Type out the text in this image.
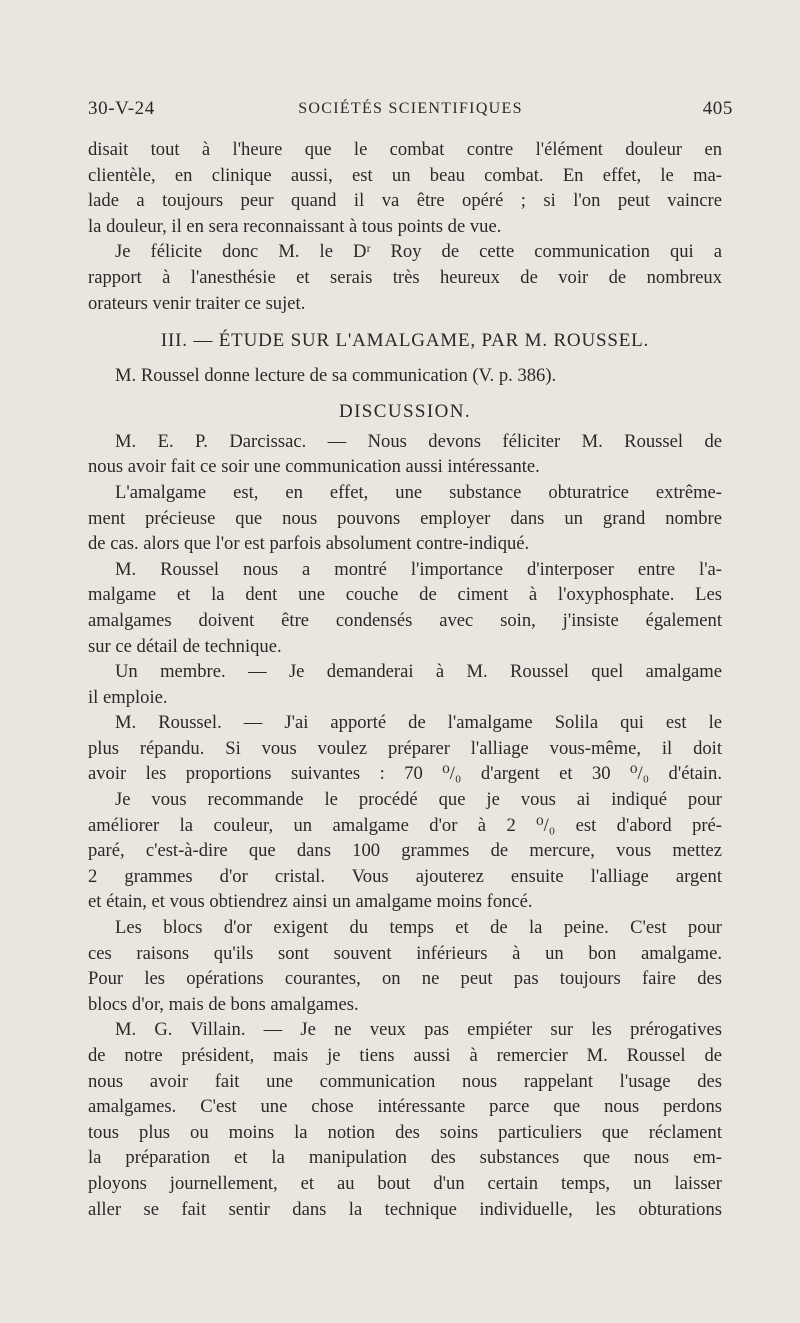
30-V-24	SOCIÉTÉS SCIENTIFIQUES	405
disait tout à l'heure que le combat contre l'élément douleur en
clientèle, en clinique aussi, est un beau combat. En effet, le ma-
lade a toujours peur quand il va être opéré ; si l'on peut vaincre
la douleur, il en sera reconnaissant à tous points de vue.
Je félicite donc M. le Dʳ Roy de cette communication qui a
rapport à l'anesthésie et serais très heureux de voir de nombreux
orateurs venir traiter ce sujet.
III. — ÉTUDE SUR L'AMALGAME, PAR M. ROUSSEL.
M. Roussel donne lecture de sa communication (V. p. 386).
DISCUSSION.
M. E. P. Darcissac. — Nous devons féliciter M. Roussel de
nous avoir fait ce soir une communication aussi intéressante.
L'amalgame est, en effet, une substance obturatrice extrême-
ment précieuse que nous pouvons employer dans un grand nombre
de cas. alors que l'or est parfois absolument contre-indiqué.
M. Roussel nous a montré l'importance d'interposer entre l'a-
malgame et la dent une couche de ciment à l'oxyphosphate. Les
amalgames doivent être condensés avec soin, j'insiste également
sur ce détail de technique.
Un membre. — Je demanderai à M. Roussel quel amalgame
il emploie.
M. Roussel. — J'ai apporté de l'amalgame Solila qui est le
plus répandu. Si vous voulez préparer l'alliage vous-même, il doit
avoir les proportions suivantes : 70 ⁰/₀ d'argent et 30 ⁰/₀ d'étain.
Je vous recommande le procédé que je vous ai indiqué pour
améliorer la couleur, un amalgame d'or à 2 ⁰/₀ est d'abord pré-
paré, c'est-à-dire que dans 100 grammes de mercure, vous mettez
2 grammes d'or cristal. Vous ajouterez ensuite l'alliage argent
et étain, et vous obtiendrez ainsi un amalgame moins foncé.
Les blocs d'or exigent du temps et de la peine. C'est pour
ces raisons qu'ils sont souvent inférieurs à un bon amalgame.
Pour les opérations courantes, on ne peut pas toujours faire des
blocs d'or, mais de bons amalgames.
M. G. Villain. — Je ne veux pas empiéter sur les prérogatives
de notre président, mais je tiens aussi à remercier M. Roussel de
nous avoir fait une communication nous rappelant l'usage des
amalgames. C'est une chose intéressante parce que nous perdons
tous plus ou moins la notion des soins particuliers que réclament
la préparation et la manipulation des substances que nous em-
ployons journellement, et au bout d'un certain temps, un laisser
aller se fait sentir dans la technique individuelle, les obturations
